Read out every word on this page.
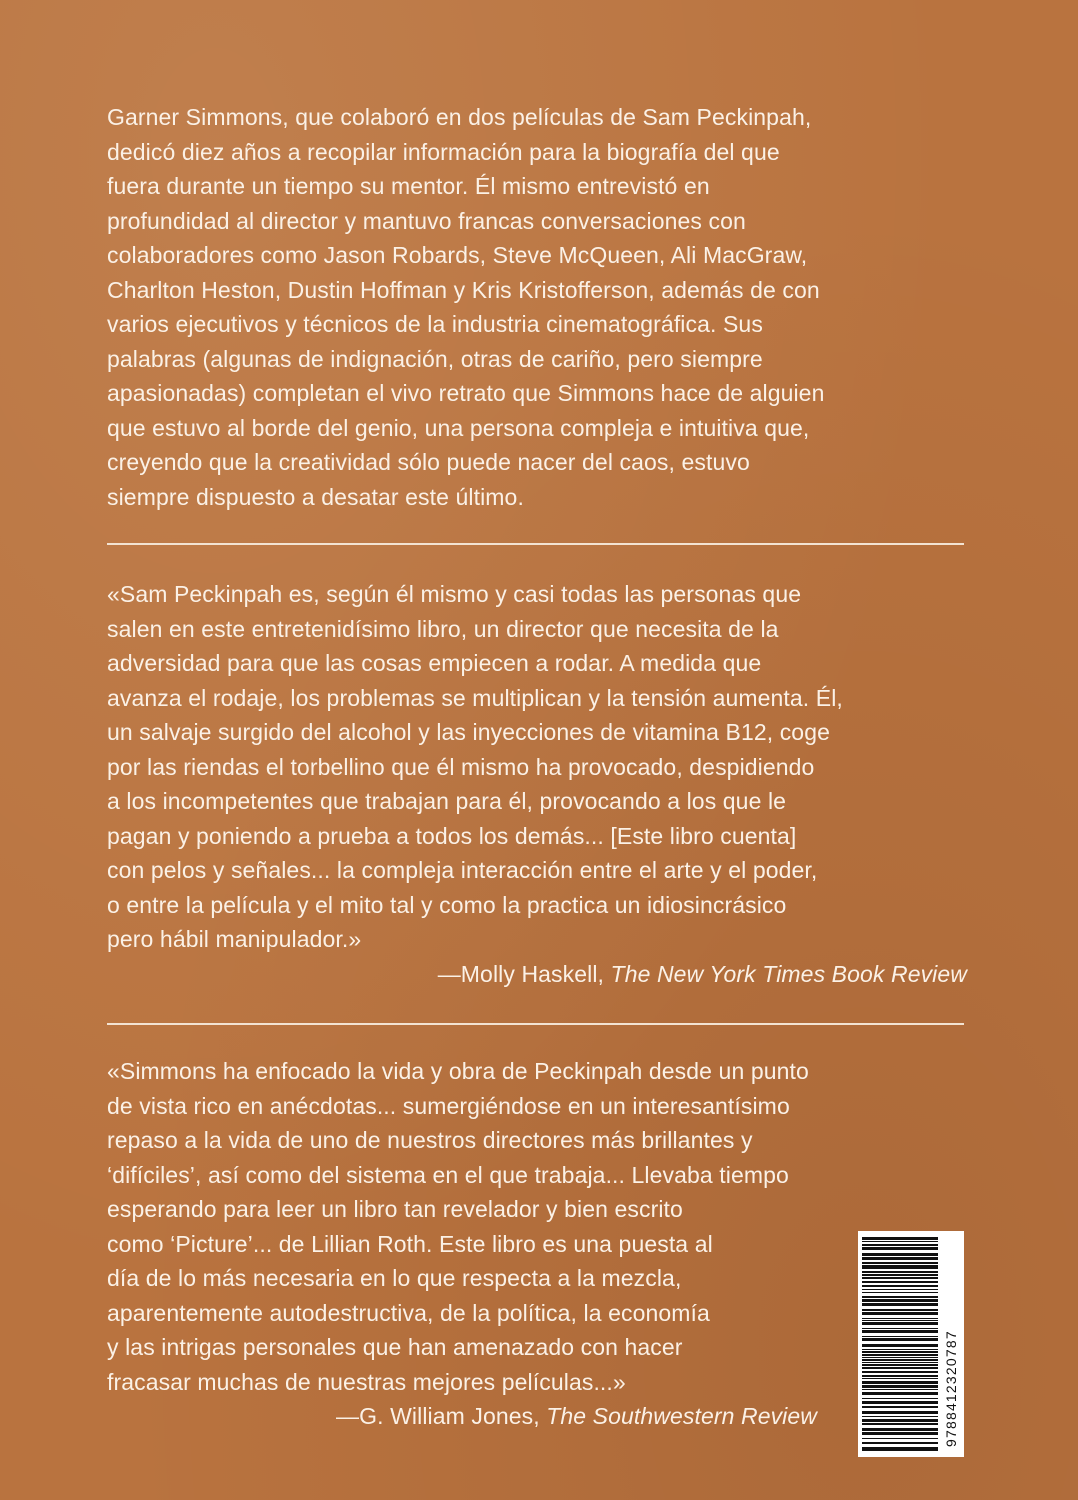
Garner Simmons, que colaboró en dos películas de Sam Peckinpah,
dedicó diez años a recopilar información para la biografía del que
fuera durante un tiempo su mentor. Él mismo entrevistó en
profundidad al director y mantuvo francas conversaciones con
colaboradores como Jason Robards, Steve McQueen, Ali MacGraw,
Charlton Heston, Dustin Hoffman y Kris Kristofferson, además de con
varios ejecutivos y técnicos de la industria cinematográfica. Sus
palabras (algunas de indignación, otras de cariño, pero siempre
apasionadas) completan el vivo retrato que Simmons hace de alguien
que estuvo al borde del genio, una persona compleja e intuitiva que,
creyendo que la creatividad sólo puede nacer del caos, estuvo
siempre dispuesto a desatar este último.
«Sam Peckinpah es, según él mismo y casi todas las personas que
salen en este entretenidísimo libro, un director que necesita de la
adversidad para que las cosas empiecen a rodar. A medida que
avanza el rodaje, los problemas se multiplican y la tensión aumenta. Él,
un salvaje surgido del alcohol y las inyecciones de vitamina B12, coge
por las riendas el torbellino que él mismo ha provocado, despidiendo
a los incompetentes que trabajan para él, provocando a los que le
pagan y poniendo a prueba a todos los demás... [Este libro cuenta]
con pelos y señales... la compleja interacción entre el arte y el poder,
o entre la película y el mito tal y como la practica un idiosincrásico
pero hábil manipulador.»
—Molly Haskell, The New York Times Book Review
«Simmons ha enfocado la vida y obra de Peckinpah desde un punto
de vista rico en anécdotas... sumergiéndose en un interesantísimo
repaso a la vida de uno de nuestros directores más brillantes y
‘difíciles’, así como del sistema en el que trabaja... Llevaba tiempo
esperando para leer un libro tan revelador y bien escrito
como ‘Picture’... de Lillian Roth. Este libro es una puesta al
día de lo más necesaria en lo que respecta a la mezcla,
aparentemente autodestructiva, de la política, la economía
y las intrigas personales que han amenazado con hacer
fracasar muchas de nuestras mejores películas...»
—G. William Jones, The Southwestern Review	9788412320787
